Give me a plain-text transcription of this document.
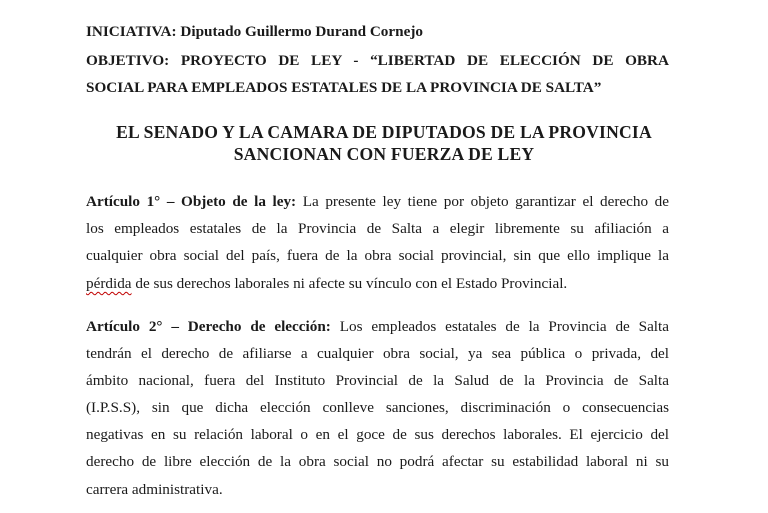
INICIATIVA: Diputado Guillermo Durand Cornejo
OBJETIVO: PROYECTO DE LEY - “LIBERTAD DE ELECCIÓN DE OBRA
SOCIAL PARA EMPLEADOS ESTATALES DE LA PROVINCIA DE SALTA”
EL SENADO Y LA CAMARA DE DIPUTADOS DE LA PROVINCIA
SANCIONAN CON FUERZA DE LEY
Artículo 1° – Objeto de la ley: La presente ley tiene por objeto garantizar el derecho de
los empleados estatales de la Provincia de Salta a elegir libremente su afiliación a
cualquier obra social del país, fuera de la obra social provincial, sin que ello implique la
pérdida de sus derechos laborales ni afecte su vínculo con el Estado Provincial.
Artículo 2° – Derecho de elección: Los empleados estatales de la Provincia de Salta
tendrán el derecho de afiliarse a cualquier obra social, ya sea pública o privada, del
ámbito nacional, fuera del Instituto Provincial de la Salud de la Provincia de Salta
(I.P.S.S), sin que dicha elección conlleve sanciones, discriminación o consecuencias
negativas en su relación laboral o en el goce de sus derechos laborales. El ejercicio del
derecho de libre elección de la obra social no podrá afectar su estabilidad laboral ni su
carrera administrativa.
